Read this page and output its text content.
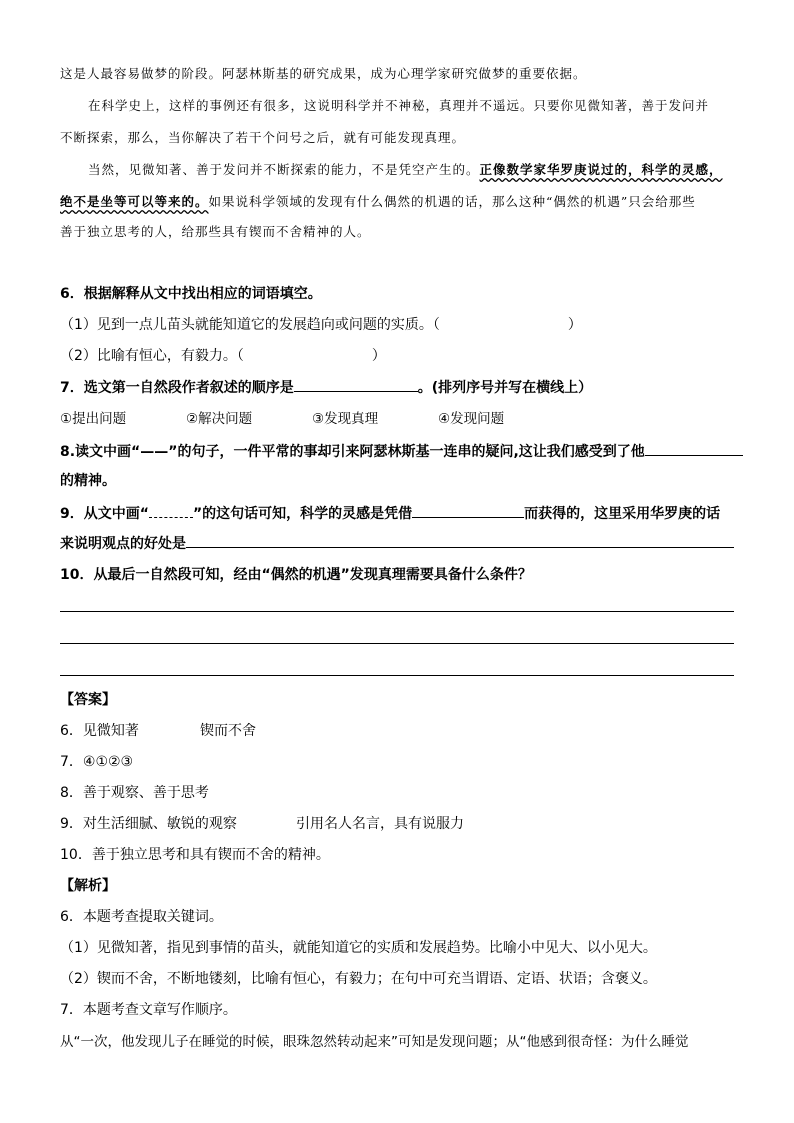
这是人最容易做梦的阶段。阿瑟林斯基的研究成果，成为心理学家研究做梦的重要依据。
在科学史上，这样的事例还有很多，这说明科学并不神秘，真理并不遥远。只要你见微知著，善于发问并
不断探索，那么，当你解决了若干个问号之后，就有可能发现真理。
当然，见微知著、善于发问并不断探索的能力，不是凭空产生的。正像数学家华罗庚说过的，科学的灵感，
绝不是坐等可以等来的。如果说科学领域的发现有什么偶然的机遇的话，那么这种“偶然的机遇”只会给那些
善于独立思考的人，给那些具有锲而不舍精神的人。
6．根据解释从文中找出相应的词语填空。
（1）见到一点儿苗头就能知道它的发展趋向或问题的实质。（	）
（2）比喻有恒心，有毅力。（	）
7．选文第一自然段作者叙述的顺序是	。(排列序号并写在横线上）
①提出问题	②解决问题	③发现真理	④发现问题
8.读文中画“——”的句子，一件平常的事却引来阿瑟林斯基一连串的疑问,这让我们感受到了他
的精神。
9．从文中画“	”的这句话可知，科学的灵感是凭借	而获得的，这里采用华罗庚的话
来说明观点的好处是
10．从最后一自然段可知，经由“偶然的机遇”发现真理需要具备什么条件？
【答案】
6．见微知著	锲而不舍
7．④①②③
8．善于观察、善于思考
9．对生活细腻、敏锐的观察	引用名人名言，具有说服力
10．善于独立思考和具有锲而不舍的精神。
【解析】
6．本题考查提取关键词。
（1）见微知著，指见到事情的苗头，就能知道它的实质和发展趋势。比喻小中见大、以小见大。
（2）锲而不舍，不断地镂刻，比喻有恒心，有毅力；在句中可充当谓语、定语、状语；含褒义。
7．本题考查文章写作顺序。
从“一次，他发现儿子在睡觉的时候，眼珠忽然转动起来”可知是发现问题；从“他感到很奇怪：为什么睡觉
